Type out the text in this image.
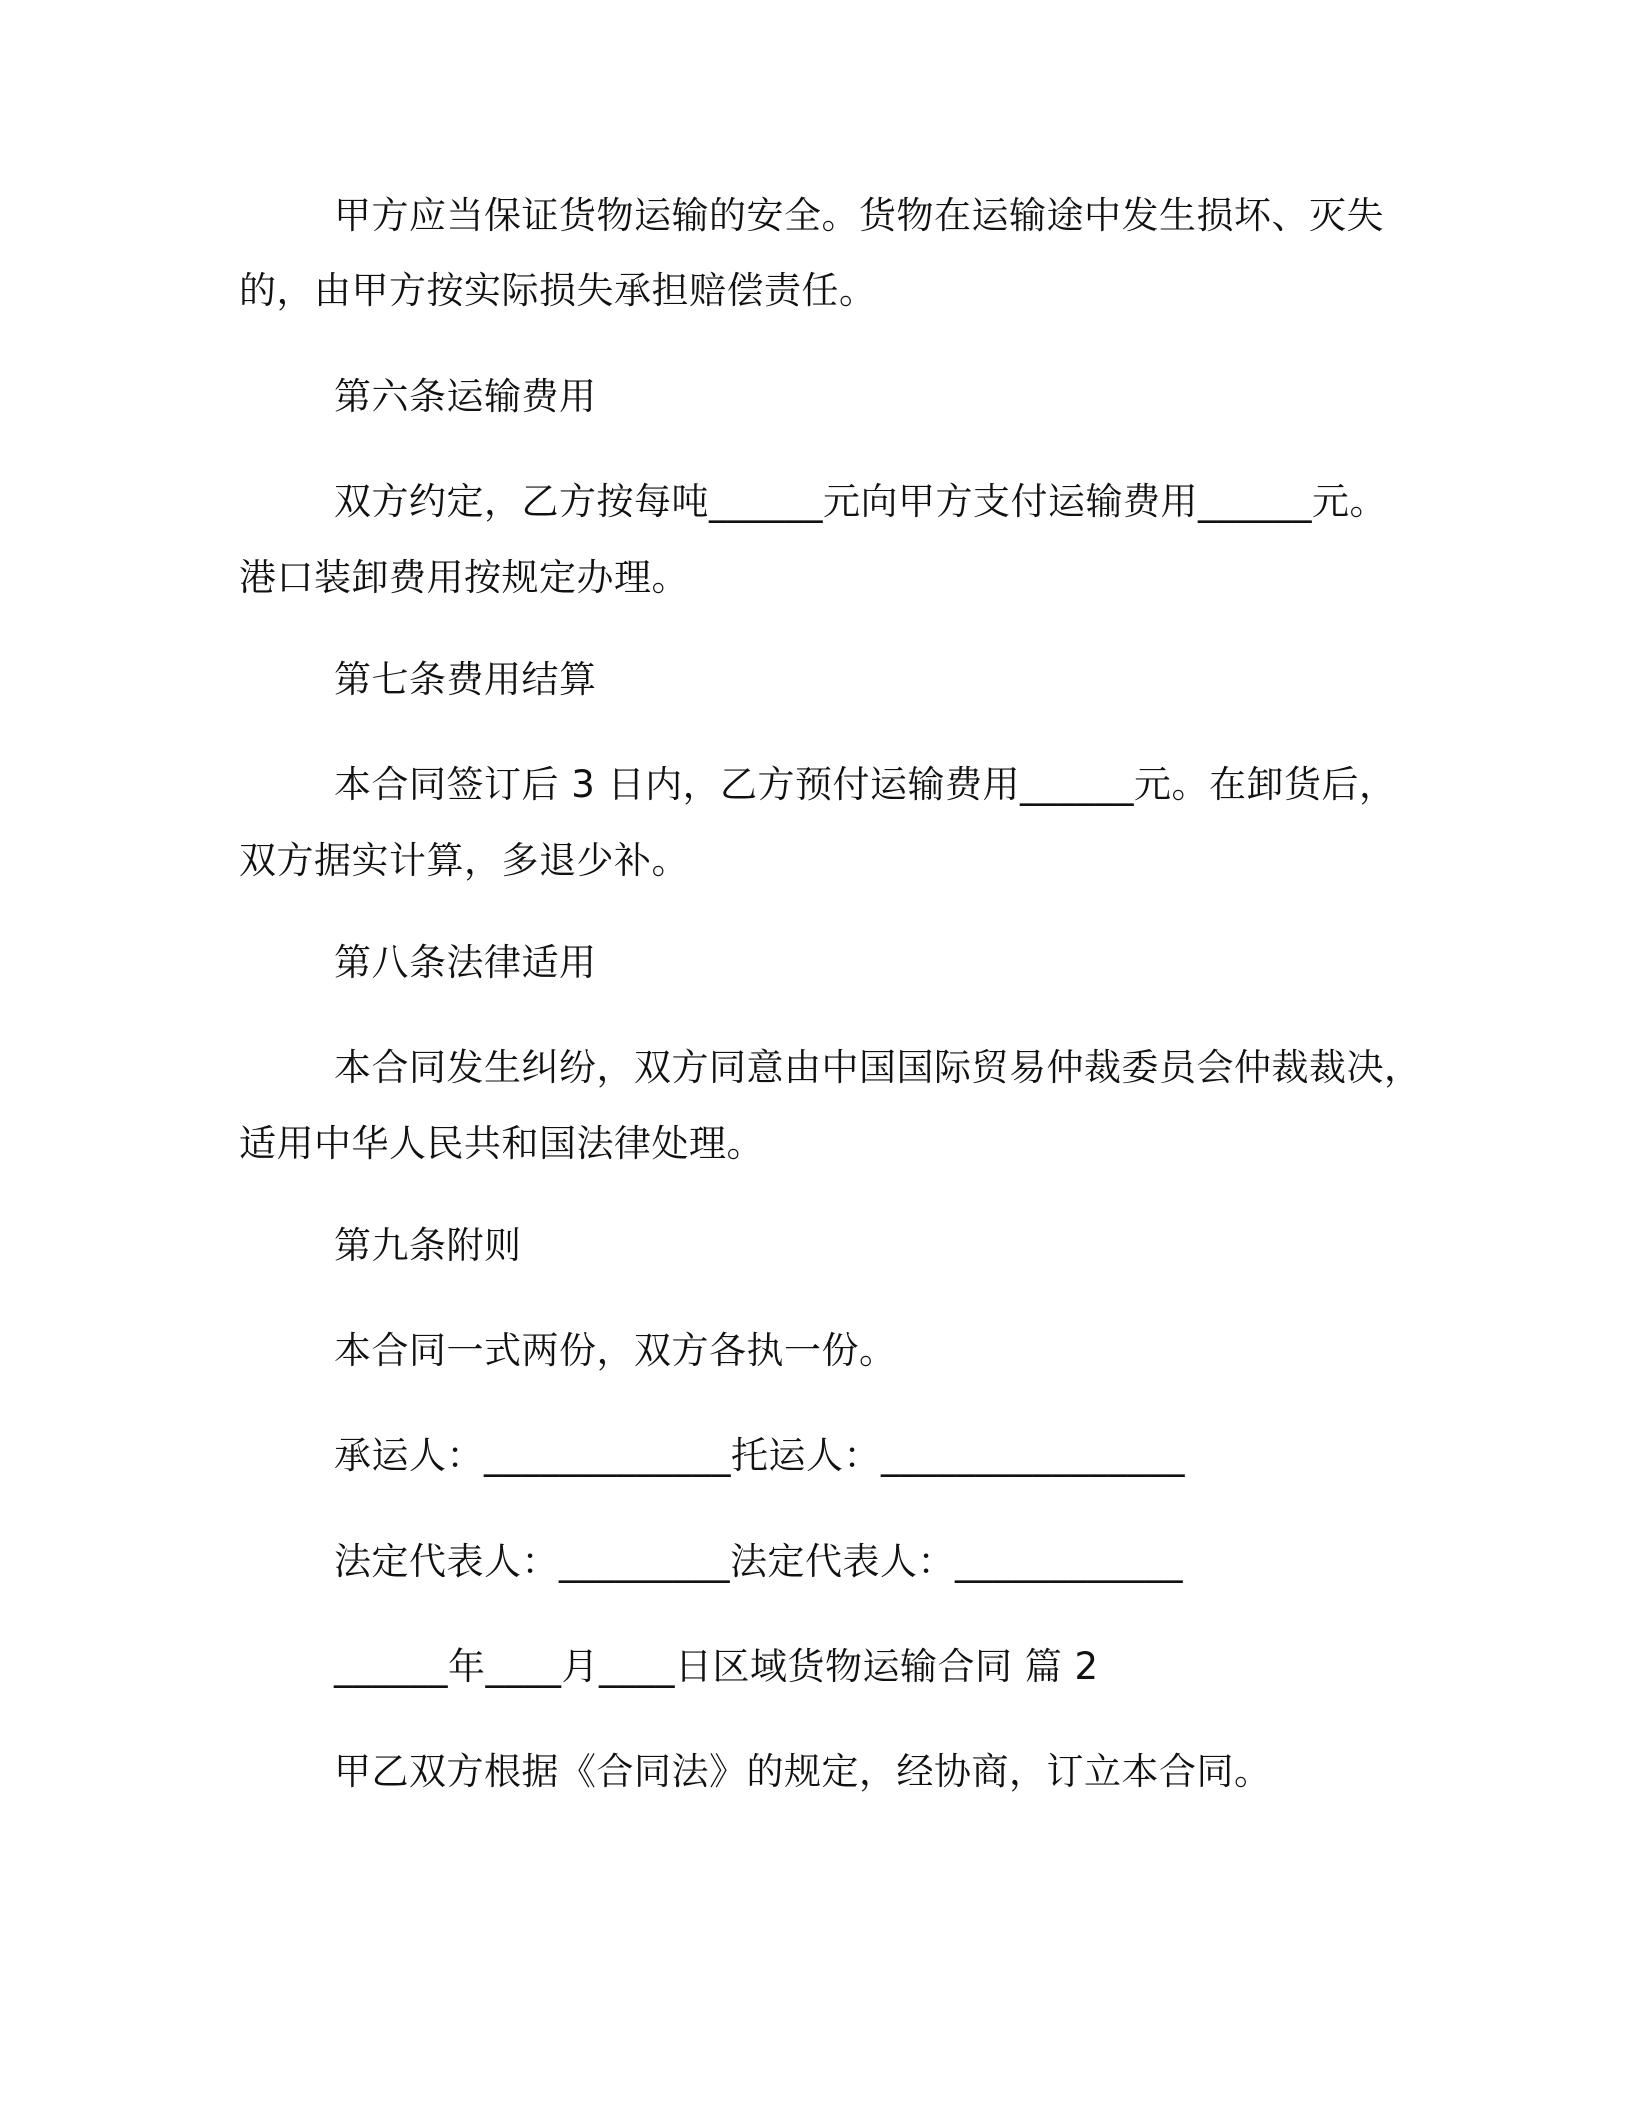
甲方应当保证货物运输的安全。货物在运输途中发生损坏、灭失

的，由甲方按实际损失承担赔偿责任。

第六条运输费用

双方约定，乙方按每吨______元向甲方支付运输费用______元。

港口装卸费用按规定办理。

第七条费用结算

本合同签订后 3 日内，乙方预付运输费用______元。在卸货后，

双方据实计算，多退少补。

第八条法律适用

本合同发生纠纷，双方同意由中国国际贸易仲裁委员会仲裁裁决，

适用中华人民共和国法律处理。

第九条附则

本合同一式两份，双方各执一份。

承运人：_____________托运人：________________

法定代表人：_________法定代表人：____________

______年____月____日区域货物运输合同 篇 2

甲乙双方根据《合同法》的规定，经协商，订立本合同。
